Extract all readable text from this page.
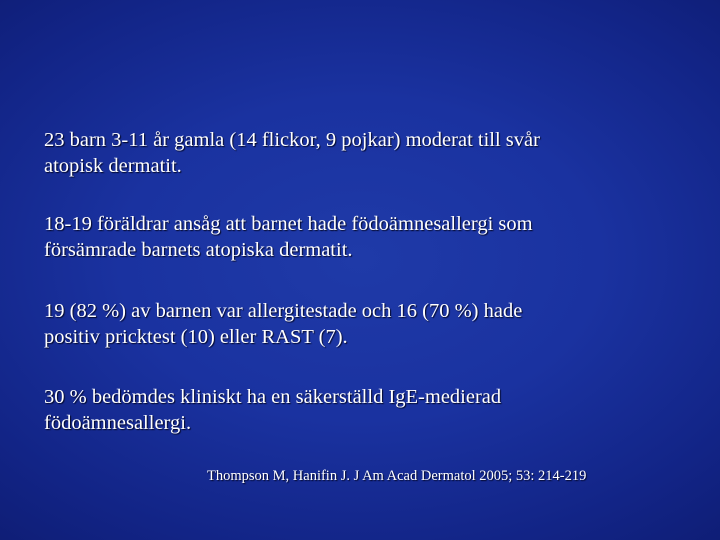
23 barn 3-11 år gamla (14 flickor, 9 pojkar) moderat till svår
atopisk dermatit.

18-19 föräldrar ansåg att barnet hade födoämnesallergi som
försämrade barnets atopiska dermatit.

19 (82 %) av barnen var allergitestade och 16 (70 %) hade
positiv pricktest (10) eller RAST (7).

30 % bedömdes kliniskt ha en säkerställd IgE-medierad
födoämnesallergi.

Thompson M, Hanifin J. J Am Acad Dermatol 2005; 53: 214-219
